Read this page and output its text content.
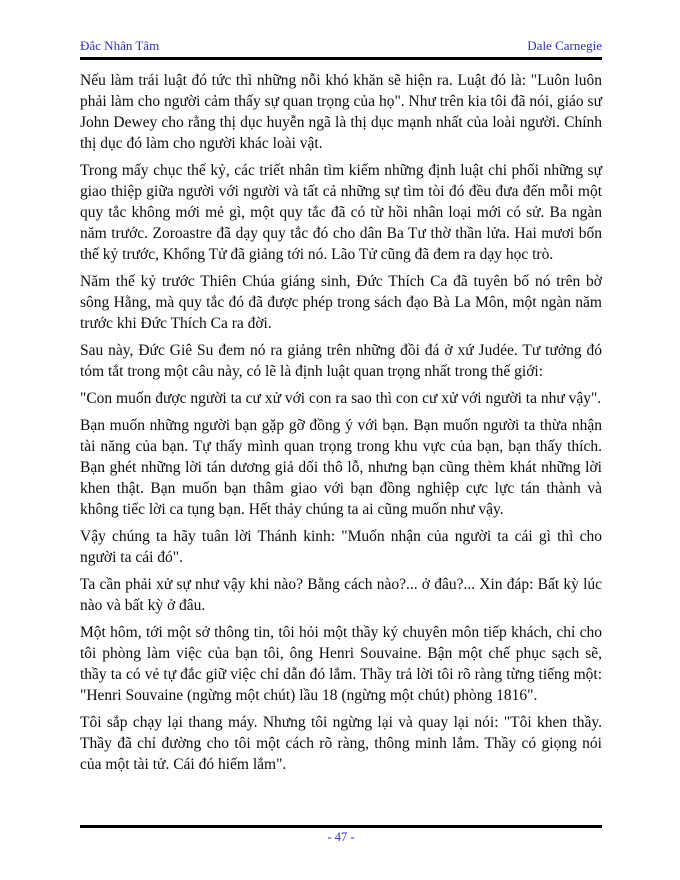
Đắc Nhân Tâm	Dale Carnegie

Nếu làm trái luật đó tức thì những nỗi khó khăn sẽ hiện ra. Luật đó là: "Luôn luôn phải làm cho người cảm thấy sự quan trọng của họ". Như trên kia tôi đã nói, giáo sư John Dewey cho rằng thị dục huyễn ngã là thị dục mạnh nhất của loài người. Chính thị dục đó làm cho người khác loài vật.

Trong mấy chục thế kỷ, các triết nhân tìm kiếm những định luật chi phối những sự giao thiệp giữa người với người và tất cả những sự tìm tòi đó đều đưa đến mỗi một quy tắc không mới mẻ gì, một quy tắc đã có từ hồi nhân loại mới có sử. Ba ngàn năm trước. Zoroastre đã dạy quy tắc đó cho dân Ba Tư thờ thần lửa. Hai mươi bốn thế kỷ trước, Khổng Tử đã giảng tới nó. Lão Tử cũng đã đem ra dạy học trò.

Năm thế kỷ trước Thiên Chúa giáng sinh, Đức Thích Ca đã tuyên bố nó trên bờ sông Hằng, mà quy tắc đó đã được phép trong sách đạo Bà La Môn, một ngàn năm trước khi Đức Thích Ca ra đời.

Sau này, Đức Giê Su đem nó ra giảng trên những đồi đá ở xứ Judée. Tư tưởng đó tóm tắt trong một câu này, có lẽ là định luật quan trọng nhất trong thế giới:

"Con muốn được người ta cư xử với con ra sao thì con cư xử với người ta như vậy".

Bạn muốn những người bạn gặp gỡ đồng ý với bạn. Bạn muốn người ta thừa nhận tài năng của bạn. Tự thấy mình quan trọng trong khu vực của bạn, bạn thấy thích. Bạn ghét những lời tán dương giả dối thô lỗ, nhưng bạn cũng thèm khát những lời khen thật. Bạn muốn bạn thâm giao với bạn đồng nghiệp cực lực tán thành và không tiếc lời ca tụng bạn. Hết thảy chúng ta ai cũng muốn như vậy.

Vậy chúng ta hãy tuân lời Thánh kinh: "Muốn nhận của người ta cái gì thì cho người ta cái đó".

Ta cần phải xử sự như vậy khi nào? Bằng cách nào?... ở đâu?... Xin đáp: Bất kỳ lúc nào và bất kỳ ở đâu.

Một hôm, tới một sở thông tin, tôi hỏi một thầy ký chuyên môn tiếp khách, chỉ cho tôi phòng làm việc của bạn tôi, ông Henri Souvaine. Bận một chế phục sạch sẽ, thầy ta có vẻ tự đắc giữ việc chỉ dẫn đó lắm. Thầy trả lời tôi rõ ràng từng tiếng một: "Henri Souvaine (ngừng một chút) lầu 18 (ngừng một chút) phòng 1816".

Tôi sắp chạy lại thang máy. Nhưng tôi ngừng lại và quay lại nói: "Tôi khen thầy. Thầy đã chỉ đường cho tôi một cách rõ ràng, thông minh lắm. Thầy có giọng nói của một tài tử. Cái đó hiếm lắm".

- 47 -
